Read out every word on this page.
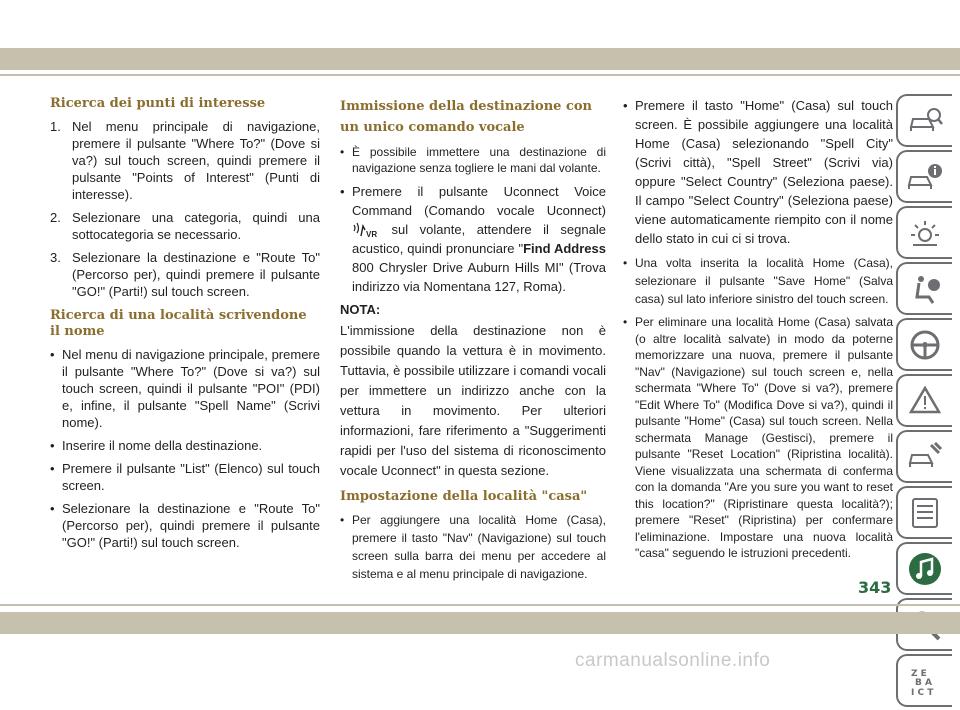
Ricerca dei punti di interesse
1. Nel menu principale di navigazione, premere il pulsante "Where To?" (Dove si va?) sul touch screen, quindi premere il pulsante "Points of Interest" (Punti di interesse).
2. Selezionare una categoria, quindi una sottocategoria se necessario.
3. Selezionare la destinazione e "Route To" (Percorso per), quindi premere il pulsante "GO!" (Parti!) sul touch screen.
Ricerca di una località scrivendone il nome
• Nel menu di navigazione principale, premere il pulsante "Where To?" (Dove si va?) sul touch screen, quindi il pulsante "POI" (PDI) e, infine, il pulsante "Spell Name" (Scrivi nome).
• Inserire il nome della destinazione.
• Premere il pulsante "List" (Elenco) sul touch screen.
• Selezionare la destinazione e "Route To" (Percorso per), quindi premere il pulsante "GO!" (Parti!) sul touch screen.
Immissione della destinazione con un unico comando vocale
• È possibile immettere una destinazione di navigazione senza togliere le mani dal volante.
• Premere il pulsante Uconnect Voice Command (Comando vocale Uconnect)
VR sul volante, attendere il segnale acustico, quindi pronunciare "Find Address 800 Chrysler Drive Auburn Hills MI" (Trova indirizzo via Nomentana 127, Roma).
NOTA:

L'immissione della destinazione non è possibile quando la vettura è in movimento. Tuttavia, è possibile utilizzare i comandi vocali per immettere un indirizzo anche con la vettura in movimento. Per ulteriori informazioni, fare riferimento a "Suggerimenti rapidi per l'uso del sistema di riconoscimento vocale Uconnect" in questa sezione.

Impostazione della località "casa"
• Per aggiungere una località Home (Casa), premere il tasto "Nav" (Navigazione) sul touch screen sulla barra dei menu per accedere al sistema e al menu principale di navigazione.
• Premere il tasto "Home" (Casa) sul touch screen. È possibile aggiungere una località Home (Casa) selezionando "Spell City" (Scrivi città), "Spell Street" (Scrivi via) oppure "Select Country" (Seleziona paese). Il campo "Select Country" (Seleziona paese) viene automaticamente riempito con il nome dello stato in cui ci si trova.
• Una volta inserita la località Home (Casa), selezionare il pulsante "Save Home" (Salva casa) sul lato inferiore sinistro del touch screen.
• Per eliminare una località Home (Casa) salvata (o altre località salvate) in modo da poterne memorizzare una nuova, premere il pulsante "Nav" (Navigazione) sul touch screen e, nella schermata "Where To" (Dove si va?), premere "Edit Where To" (Modifica Dove si va?), quindi il pulsante "Home" (Casa) sul touch screen. Nella schermata Manage (Gestisci), premere il pulsante "Reset Location" (Ripristina località). Viene visualizzata una schermata di conferma con la domanda "Are you sure you want to reset this location?" (Ripristinare questa località?); premere "Reset" (Ripristina) per confermare l'eliminazione. Impostare una nuova località "casa" seguendo le istruzioni precedenti.
Z E
B A
I C T
343
carmanualsonline.info
